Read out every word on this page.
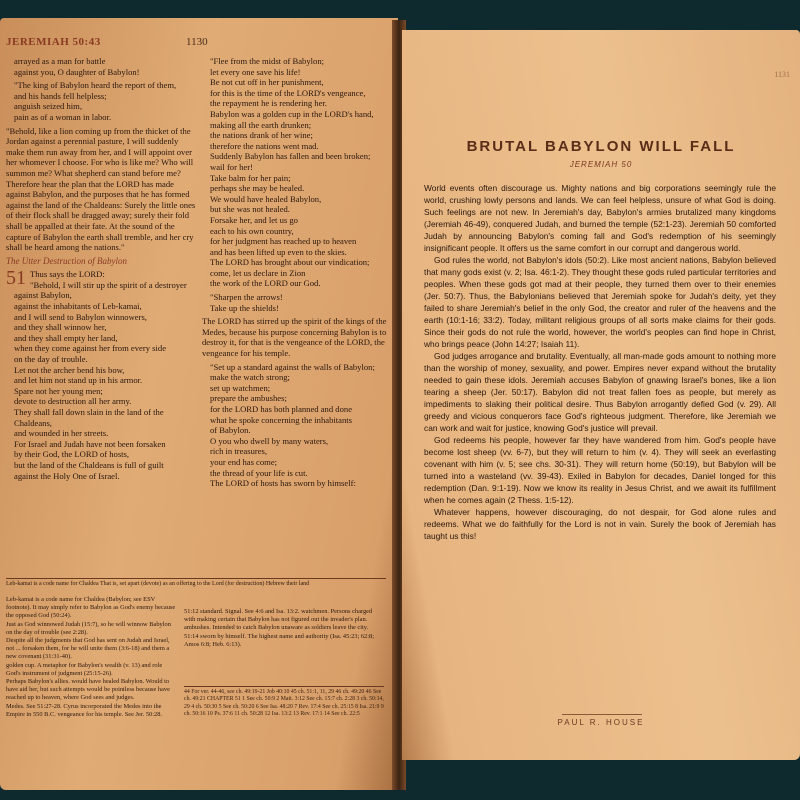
JEREMIAH 50:43	1130
arrayed as a man for battle
against you, O daughter of Babylon!
"The king of Babylon heard the report of them,
and his hands fell helpless;
anguish seized him,
pain as of a woman in labor.

"Behold, like a lion coming up from the thicket of the Jordan against a perennial pasture, I will suddenly make them run away from her, and I will appoint over her whomever I choose. For who is like me? Who will summon me? What shepherd can stand before me? Therefore hear the plan that the LORD has made against Babylon, and the purposes that he has formed against the land of the Chaldeans: Surely the little ones of their flock shall be dragged away; surely their fold shall be appalled at their fate. At the sound of the capture of Babylon the earth shall tremble, and her cry shall be heard among the nations."

The Utter Destruction of Babylon
51 Thus says the LORD:
"Behold, I will stir up the spirit of a destroyer
against Babylon,
against the inhabitants of Leb-kamai,
and I will send to Babylon winnowers,
and they shall winnow her,
and they shall empty her land,
when they come against her from every side
on the day of trouble.
Let not the archer bend his bow,
and let him not stand up in his armor.
Spare not her young men;
devote to destruction all her army.
They shall fall down slain in the land of the Chaldeans,
and wounded in her streets.
For Israel and Judah have not been forsaken
by their God, the LORD of hosts,
but the land of the Chaldeans is full of guilt
against the Holy One of Israel.
"Flee from the midst of Babylon;
let every one save his life!
Be not cut off in her punishment,
for this is the time of the LORD's vengeance,
the repayment he is rendering her.
Babylon was a golden cup in the LORD's hand,
making all the earth drunken;
the nations drank of her wine;
therefore the nations went mad.
Suddenly Babylon has fallen and been broken;
wail for her!
Take balm for her pain;
perhaps she may be healed.
We would have healed Babylon,
but she was not healed.
Forsake her, and let us go
each to his own country,
for her judgment has reached up to heaven
and has been lifted up even to the skies.
The LORD has brought about our vindication;
come, let us declare in Zion
the work of the LORD our God.
"Sharpen the arrows!
Take up the shields!

The LORD has stirred up the spirit of the kings of the Medes, because his purpose concerning Babylon is to destroy it, for that is the vengeance of the LORD, the vengeance for his temple.

"Set up a standard against the walls of Babylon;
make the watch strong;
set up watchmen;
prepare the ambushes;
for the LORD has both planned and done
what he spoke concerning the inhabitants
of Babylon.
O you who dwell by many waters,
rich in treasures,
your end has come;
the thread of your life is cut.
The LORD of hosts has sworn by himself:
Leb-kamai is a code name for Chaldea That is, set apart (devote) as an offering to the Lord (for destruction) Hebrew their land
Leb-kamai is a code name for Chaldea (Babylon; see ESV footnote). It may simply refer to Babylon as God's enemy because the opposed God (50:24).
Just as God winnowed Judah (15:7), so he will winnow Babylon on the day of trouble (see 2:28).
Despite all the judgments that God has sent on Judah and Israel, not ... forsaken them, for he will unite them (3:6-18) and them a new covenant (31:31-40).
golden cup. A metaphor for Babylon's wealth (v. 13) and role God's instrument of judgment (25:15-26).
Perhaps Babylon's allies. would have healed Babylon. Would to have aid her, but such attempts would be pointless because have reached up to heaven, where God sees and judges.
Medes. See 51:27-28. Cyrus incorporated the Medes into the Empire in 550 B.C. vengeance for his temple. See Jer. 50:28.
51:12 standard. Signal. See 4:6 and Isa. 13:2. watchmen. Persons charged with making certain that Babylon has not figured out the invader's plan. ambushes. Intended to catch Babylon unaware as soldiers leave the city.
51:14 sworn by himself. The highest name and authority (Isa. 45:23; 62:8; Amos 6:8; Heb. 6:13).
44 For ver. 44-46, see ch. 49:19-21 Job 40:10 45 ch. 51:1, 11, 29 46 ch. 49:20 46 See ch. 49:21 CHAPTER 51 1 See ch. 50:9 2 Matt. 3:12 See ch. 15:7 ch. 2:28 3 ch. 50:14, 29 4 ch. 50:30 5 See ch. 50:20 6 See Isa. 48:20 7 Rev. 17:4 See ch. 25:15 8 Isa. 21:9 9 ch. 50:16 10 Ps. 37:6 11 ch. 50:28 12 Isa. 13:2 13 Rev. 17:1 14 See ch. 22:5
1131
BRUTAL BABYLON WILL FALL
JEREMIAH 50

World events often discourage us. Mighty nations and big corporations seemingly rule the world, crushing lowly persons and lands. We can feel helpless, unsure of what God is doing. Such feelings are not new. In Jeremiah's day, Babylon's armies brutalized many kingdoms (Jeremiah 46-49), conquered Judah, and burned the temple (52:1-23). Jeremiah 50 comforted Judah by announcing Babylon's coming fall and God's redemption of his seemingly insignificant people. It offers us the same comfort in our corrupt and dangerous world.

God rules the world, not Babylon's idols (50:2). Like most ancient nations, Babylon believed that many gods exist (v. 2; Isa. 46:1-2). They thought these gods ruled particular territories and peoples. When these gods got mad at their people, they turned them over to their enemies (Jer. 50:7). Thus, the Babylonians believed that Jeremiah spoke for Judah's deity, yet they failed to share Jeremiah's belief in the only God, the creator and ruler of the heavens and the earth (10:1-16; 33:2). Today, militant religious groups of all sorts make claims for their gods. Since their gods do not rule the world, however, the world's peoples can find hope in Christ, who brings peace (John 14:27; Isaiah 11).

God judges arrogance and brutality. Eventually, all man-made gods amount to nothing more than the worship of money, sexuality, and power. Empires never expand without the brutality needed to gain these idols. Jeremiah accuses Babylon of gnawing Israel's bones, like a lion tearing a sheep (Jer. 50:17). Babylon did not treat fallen foes as people, but merely as impediments to slaking their political desire. Thus Babylon arrogantly defied God (v. 29). All greedy and vicious conquerors face God's righteous judgment. Therefore, like Jeremiah we can work and wait for justice, knowing God's justice will prevail.

God redeems his people, however far they have wandered from him. God's people have become lost sheep (vv. 6-7), but they will return to him (v. 4). They will seek an everlasting covenant with him (v. 5; see chs. 30-31). They will return home (50:19), but Babylon will be turned into a wasteland (vv. 39-43). Exiled in Babylon for decades, Daniel longed for this redemption (Dan. 9:1-19). Now we know its reality in Jesus Christ, and we await its fulfillment when he comes again (2 Thess. 1:5-12).

Whatever happens, however discouraging, do not despair, for God alone rules and redeems. What we do faithfully for the Lord is not in vain. Surely the book of Jeremiah has taught us this!

PAUL R. HOUSE
